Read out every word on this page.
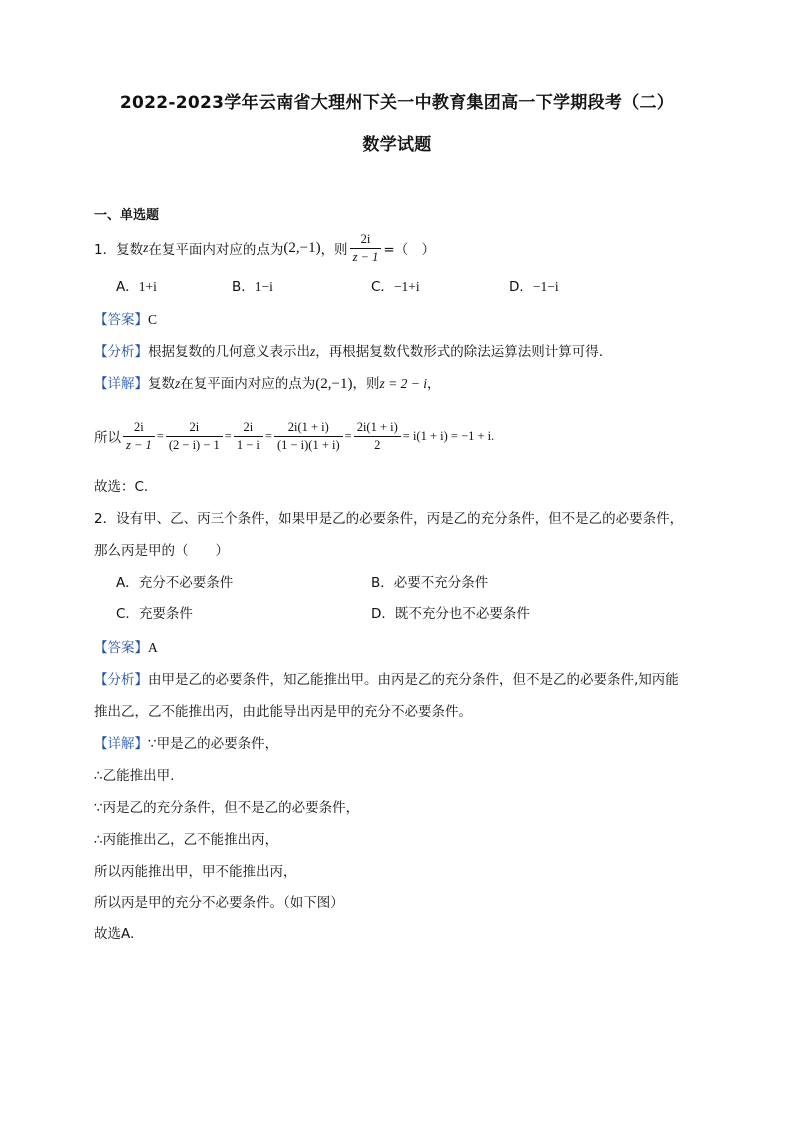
2022-2023学年云南省大理州下关一中教育集团高一下学期段考（二）
数学试题
一、单选题
1． 复数 z 在复平面内对应的点为 (2,−1) ，则 $\frac{2i}{z - 1}$ =（　）
A．1+i	B．1−i	C．−1+i	D．−1−i
【答案】C
【分析】根据复数的几何意义表示出z，再根据复数代数形式的除法运算法则计算可得.
【详解】复数z在复平面内对应的点为(2,−1)，则z = 2 − i，
所以 $\frac{2i}{z - 1} = \frac{2i}{(2 - i) - 1} = \frac{2i}{1 - i} = \frac{2i(1 + i)}{(1 - i)(1 + i)} = \frac{2i(1 + i)}{2} = i(1 + i) = -1 + i$.
故选：C.
2．设有甲、乙、丙三个条件，如果甲是乙的必要条件，丙是乙的充分条件，但不是乙的必要条件，
那么丙是甲的（　　）
A．充分不必要条件	B．必要不充分条件
C．充要条件	D．既不充分也不必要条件
【答案】A
【分析】由甲是乙的必要条件，知乙能推出甲。由丙是乙的充分条件，但不是乙的必要条件,知丙能
推出乙，乙不能推出丙，由此能导出丙是甲的充分不必要条件。
【详解】∵甲是乙的必要条件，
∴乙能推出甲.
∵丙是乙的充分条件，但不是乙的必要条件，
∴丙能推出乙，乙不能推出丙，
所以丙能推出甲，甲不能推出丙，
所以丙是甲的充分不必要条件。（如下图）
故选A.
